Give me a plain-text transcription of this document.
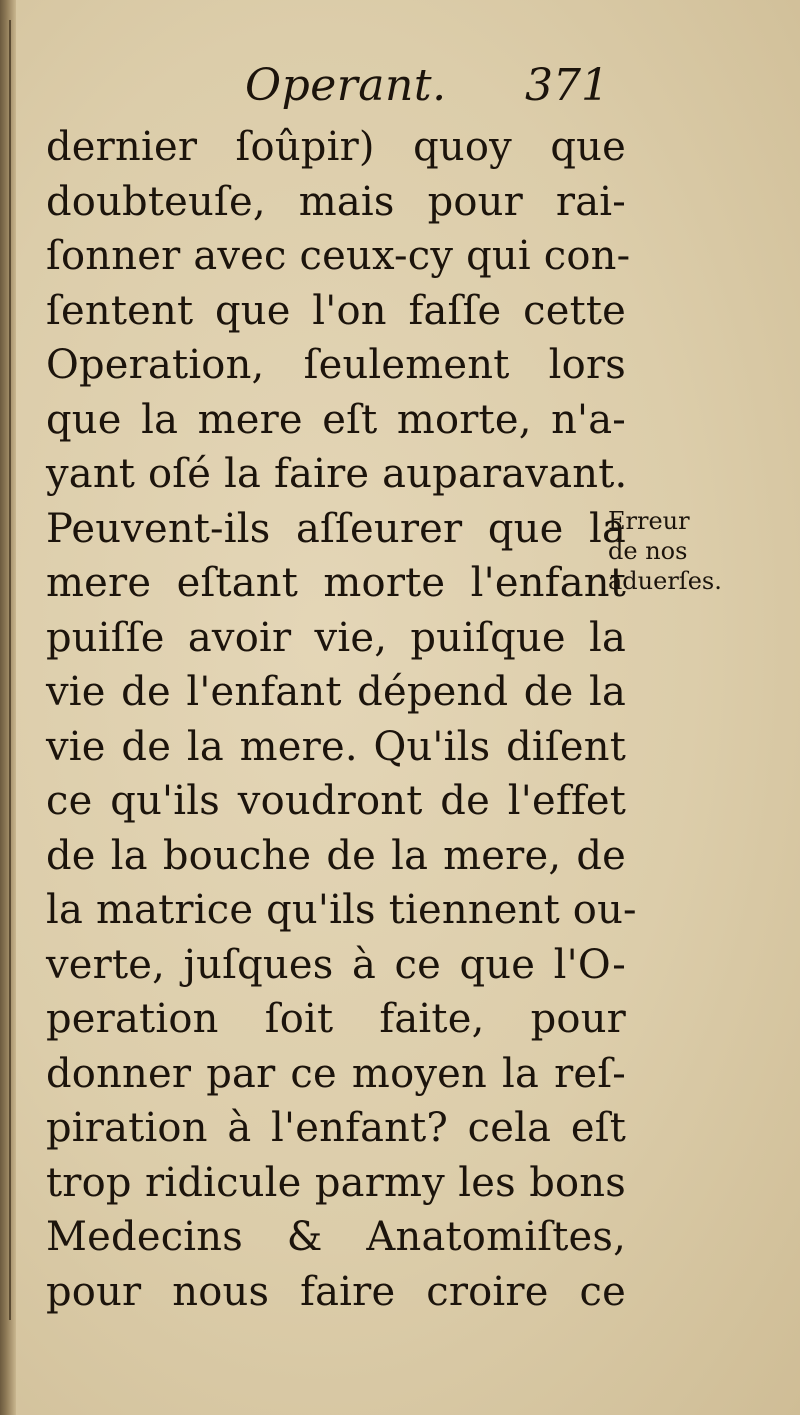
Operant. 371
dernier ſoûpir) quoy que
doubteuſe, mais pour rai-
ſonner avec ceux-cy qui con-
ſentent que l'on faſſe cette
Operation, ſeulement lors
que la mere eſt morte, n'a-
yant oſé la faire auparavant.
Peuvent-ils aſſeurer que la
mere eſtant morte l'enfant
puiſſe avoir vie, puiſque la
vie de l'enfant dépend de la
vie de la mere. Qu'ils diſent
ce qu'ils voudront de l'effet
de la bouche de la mere, de
la matrice qu'ils tiennent ou-
verte, juſques à ce que l'O-
peration ſoit faite, pour
donner par ce moyen la reſ-
piration à l'enfant? cela eſt
trop ridicule parmy les bons
Medecins & Anatomiſtes,
pour nous faire croire ce
Erreur
de nos
aduerſes.
